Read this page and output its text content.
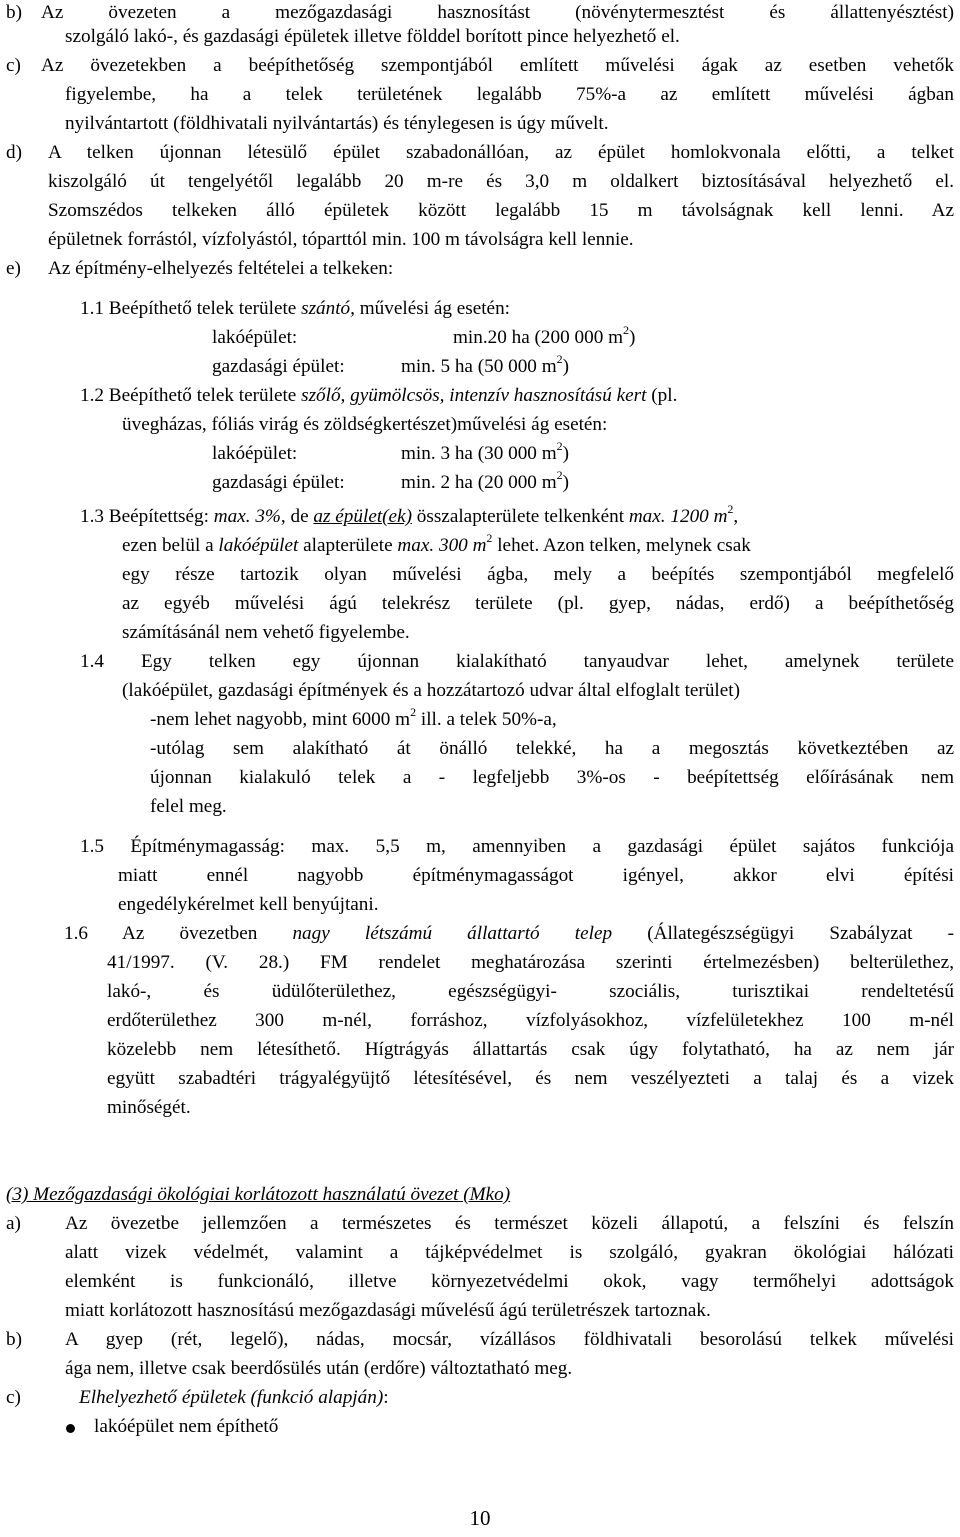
b) Az övezeten a mezőgazdasági hasznosítást (növénytermesztést és állattenyésztést)
szolgáló lakó-, és gazdasági épületek illetve földdel borított pince helyezhető el.
c) Az övezetekben a beépíthetőség szempontjából említett művelési ágak az esetben vehetők
figyelembe, ha a telek területének legalább 75%-a az említett művelési ágban
nyilvántartott (földhivatali nyilvántartás) és ténylegesen is úgy művelt.
d) A telken újonnan létesülő épület szabadonállóan, az épület homlokvonala előtti, a telket
kiszolgáló út tengelyétől legalább 20 m-re és 3,0 m oldalkert biztosításával helyezhető el.
Szomszédos telkeken álló épületek között legalább 15 m távolságnak kell lenni. Az
épületnek forrástól, vízfolyástól, tóparttól min. 100 m távolságra kell lennie.
e) Az építmény-elhelyezés feltételei a telkeken:
1.1 Beépíthető telek területe szántó, művelési ág esetén:
lakóépület:	min.20 ha (200 000 $m^2$)
gazdasági épület:	min. 5 ha (50 000 $m^2$)
1.2 Beépíthető telek területe szőlő, gyümölcsös, intenzív hasznosítású kert (pl.
üvegházas, fóliás virág és zöldségkertészet)művelési ág esetén:
lakóépület:	min. 3 ha (30 000 $m^2$)
gazdasági épület:	min. 2 ha (20 000 $m^2$)
1.3 Beépítettség: max. 3%, de az épület(ek) összalapterülete telkenként max. 1200 $m^2$,
ezen belül a lakóépület alapterülete max. 300 $m^2$ lehet. Azon telken, melynek csak
egy része tartozik olyan művelési ágba, mely a beépítés szempontjából megfelelő
az egyéb művelési ágú telekrész területe (pl. gyep, nádas, erdő) a beépíthetőség
számításánál nem vehető figyelembe.
1.4 Egy telken egy újonnan kialakítható tanyaudvar lehet, amelynek területe
(lakóépület, gazdasági építmények és a hozzátartozó udvar által elfoglalt terület)
-nem lehet nagyobb, mint 6000 $m^2$ ill. a telek 50%-a,
-utólag sem alakítható át önálló telekké, ha a megosztás következtében az
újonnan kialakuló telek a - legfeljebb 3%-os - beépítettség előírásának nem
felel meg.
1.5 Építménymagasság: max. 5,5 m, amennyiben a gazdasági épület sajátos funkciója
miatt ennél nagyobb építménymagasságot igényel, akkor elvi építési
engedélykérelmet kell benyújtani.
1.6 Az övezetben nagy létszámú állattartó telep (Állategészségügyi Szabályzat -
41/1997. (V. 28.) FM rendelet meghatározása szerinti értelmezésben) belterülethez,
lakó-, és üdülőterülethez, egészségügyi- szociális, turisztikai rendeltetésű
erdőterülethez 300 m-nél, forráshoz, vízfolyásokhoz, vízfelületekhez 100 m-nél
közelebb nem létesíthető. Hígtrágyás állattartás csak úgy folytatható, ha az nem jár
együtt szabadtéri trágyalégyüjtő létesítésével, és nem veszélyezteti a talaj és a vizek
minőségét.
(3) Mezőgazdasági ökológiai korlátozott használatú övezet (Mko)
a) Az övezetbe jellemzően a természetes és természet közeli állapotú, a felszíni és felszín
alatt vizek védelmét, valamint a tájképvédelmet is szolgáló, gyakran ökológiai hálózati
elemként is funkcionáló, illetve környezetvédelmi okok, vagy termőhelyi adottságok
miatt korlátozott hasznosítású mezőgazdasági művelésű ágú területrészek tartoznak.
b) A gyep (rét, legelő), nádas, mocsár, vízállásos földhivatali besorolású telkek művelési
ága nem, illetve csak beerdősülés után (erdőre) változtatható meg.
c)	Elhelyezhető épületek (funkció alapján):
lakóépület nem építhető
10
